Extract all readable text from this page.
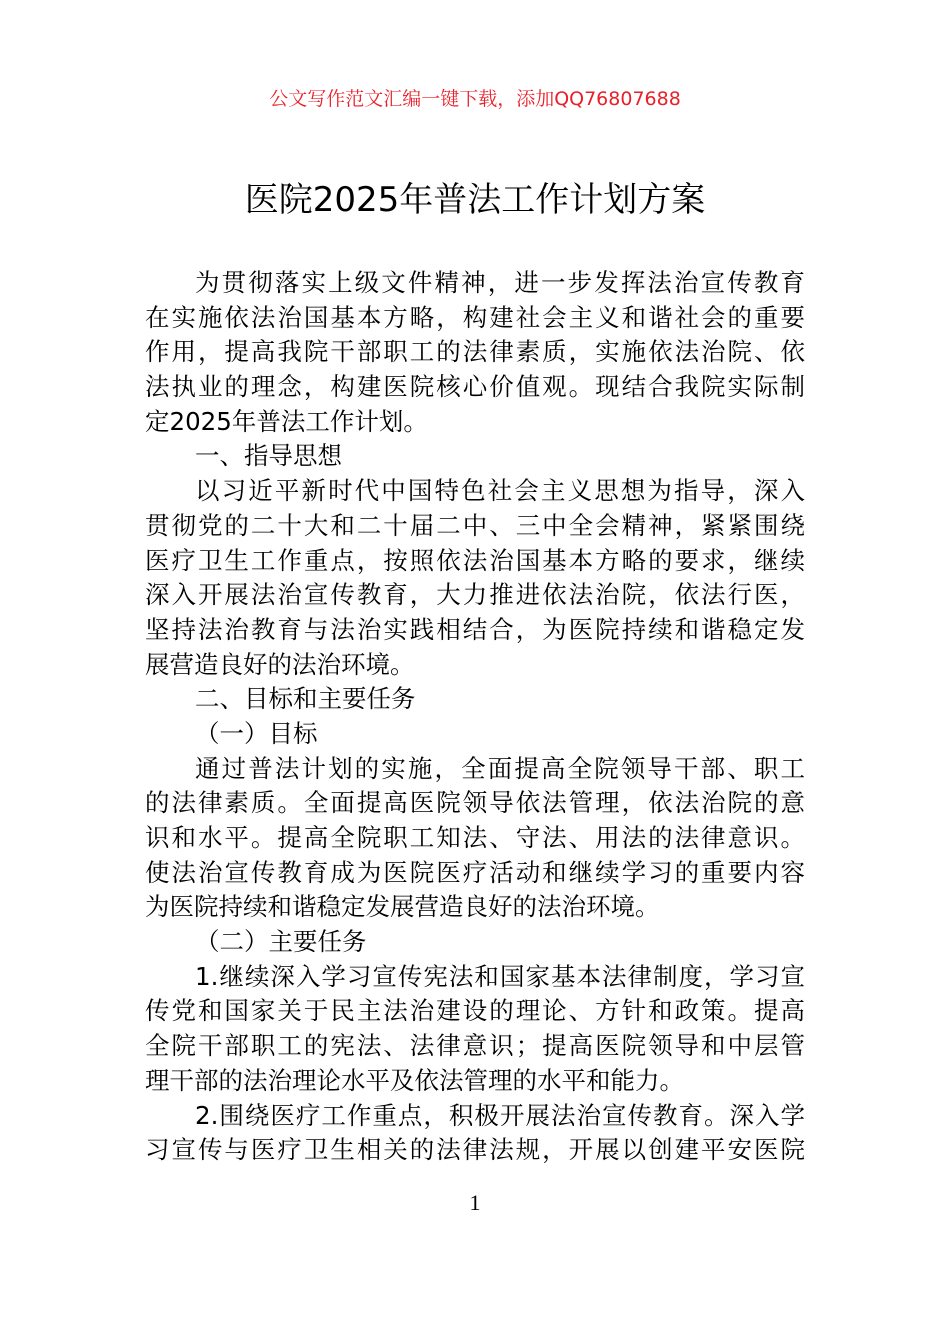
公文写作范文汇编一键下载，添加QQ76807688
医院2025年普法工作计划方案
为贯彻落实上级文件精神，进一步发挥法治宣传教育
在实施依法治国基本方略，构建社会主义和谐社会的重要
作用，提高我院干部职工的法律素质，实施依法治院、依
法执业的理念，构建医院核心价值观。现结合我院实际制
定2025年普法工作计划。
一、指导思想
以习近平新时代中国特色社会主义思想为指导，深入
贯彻党的二十大和二十届二中、三中全会精神，紧紧围绕
医疗卫生工作重点，按照依法治国基本方略的要求，继续
深入开展法治宣传教育，大力推进依法治院，依法行医，
坚持法治教育与法治实践相结合，为医院持续和谐稳定发
展营造良好的法治环境。
二、目标和主要任务
（一）目标
通过普法计划的实施，全面提高全院领导干部、职工
的法律素质。全面提高医院领导依法管理，依法治院的意
识和水平。提高全院职工知法、守法、用法的法律意识。
使法治宣传教育成为医院医疗活动和继续学习的重要内容
为医院持续和谐稳定发展营造良好的法治环境。
（二）主要任务
1.继续深入学习宣传宪法和国家基本法律制度，学习宣
传党和国家关于民主法治建设的理论、方针和政策。提高
全院干部职工的宪法、法律意识；提高医院领导和中层管
理干部的法治理论水平及依法管理的水平和能力。
2.围绕医疗工作重点，积极开展法治宣传教育。深入学
习宣传与医疗卫生相关的法律法规，开展以创建平安医院
1
